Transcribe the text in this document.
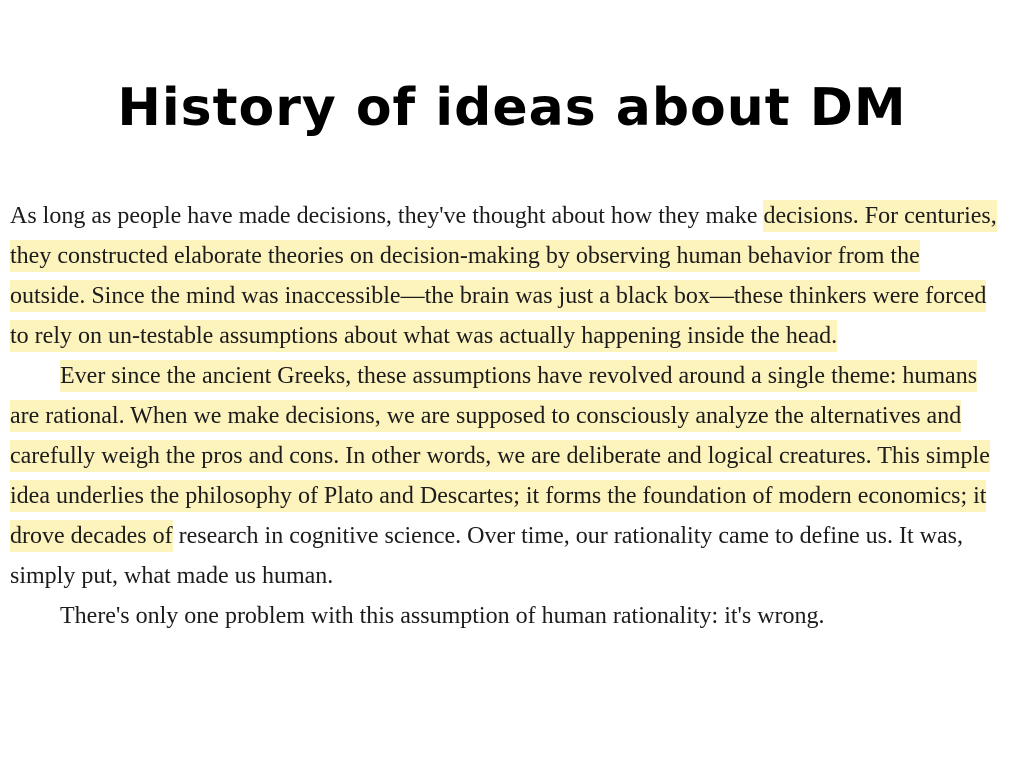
History of ideas about DM
As long as people have made decisions, they've thought about how they make decisions. For centuries,
they constructed elaborate theories on decision-making by observing human behavior from the
outside. Since the mind was inaccessible—the brain was just a black box—these thinkers were forced
to rely on un-testable assumptions about what was actually happening inside the head.
Ever since the ancient Greeks, these assumptions have revolved around a single theme: humans
are rational. When we make decisions, we are supposed to consciously analyze the alternatives and
carefully weigh the pros and cons. In other words, we are deliberate and logical creatures. This simple
idea underlies the philosophy of Plato and Descartes; it forms the foundation of modern economics; it
drove decades of research in cognitive science. Over time, our rationality came to define us. It was,
simply put, what made us human.
There's only one problem with this assumption of human rationality: it's wrong.
